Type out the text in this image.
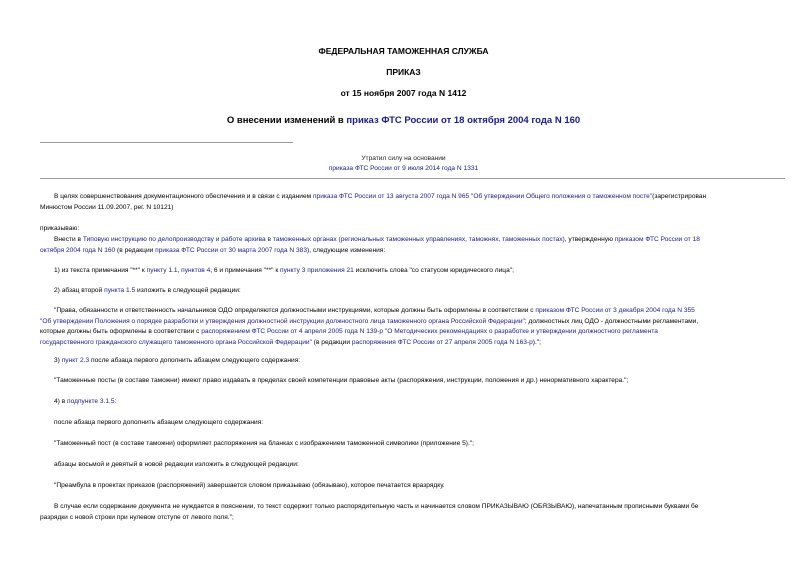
ФЕДЕРАЛЬНАЯ ТАМОЖЕННАЯ СЛУЖБА
ПРИКАЗ
от 15 ноября 2007 года N 1412
О внесении изменений в приказ ФТС России от 18 октября 2004 года N 160
Утратил силу на основании
приказа ФТС России от 9 июля 2014 года N 1331
В целях совершенствования документационного обеспечения и в связи с изданием приказа ФТС России от 13 августа 2007 года N 965 "Об утверждении Общего положения о таможенном посте"(зарегистрирован
Минюстом России 11.09.2007, рег. N 10121)
приказываю:
Внести в Типовую инструкцию по делопроизводству и работе архива в таможенных органах (региональных таможенных управлениях, таможнях, таможенных постах), утвержденную приказом ФТС России от 18
октября 2004 года N 160 (в редакции приказа ФТС России от 30 марта 2007 года N 383), следующие изменения:
1) из текста примечания "**" к пункту 1.1, пунктов 4, 6 и примечания "**" к пункту 3 приложения 21 исключить слова "со статусом юридического лица";
2) абзац второй пункта 1.5 изложить в следующей редакции:
"Права, обязанности и ответственность начальников ОДО определяются должностными инструкциями, которые должны быть оформлены в соответствии с приказом ФТС России от 3 декабря 2004 года N 355
"Об утверждении Положения о порядке разработки и утверждения должностной инструкции должностного лица таможенного органа Российской Федерации"; должностных лиц ОДО - должностными регламентами,
которые должны быть оформлены в соответствии с распоряжением ФТС России от 4 апреля 2005 года N 139-р "О Методических рекомендациях о разработке и утверждении должностного регламента
государственного гражданского служащего таможенного органа Российской Федерации" (в редакции распоряжения ФТС России от 27 апреля 2005 года N 163-р).";
3) пункт 2.3 после абзаца первого дополнить абзацем следующего содержания:
"Таможенные посты (в составе таможни) имеют право издавать в пределах своей компетенции правовые акты (распоряжения, инструкции, положения и др.) ненормативного характера.";
4) в подпункте 3.1.5:
после абзаца первого дополнить абзацем следующего содержания:
"Таможенный пост (в составе таможни) оформляет распоряжения на бланках с изображением таможенной символики (приложение 5).";
абзацы восьмой и девятый в новой редакции изложить в следующей редакции:
"Преамбула в проектах приказов (распоряжений) завершается словом приказываю (обязываю), которое печатается вразрядку.
В случае если содержание документа не нуждается в пояснении, то текст содержит только распорядительную часть и начинается словом ПРИКАЗЫВАЮ (ОБЯЗЫВАЮ), напечатанным прописными буквами бе
разрядки с новой строки при нулевом отступе от левого поля.";
